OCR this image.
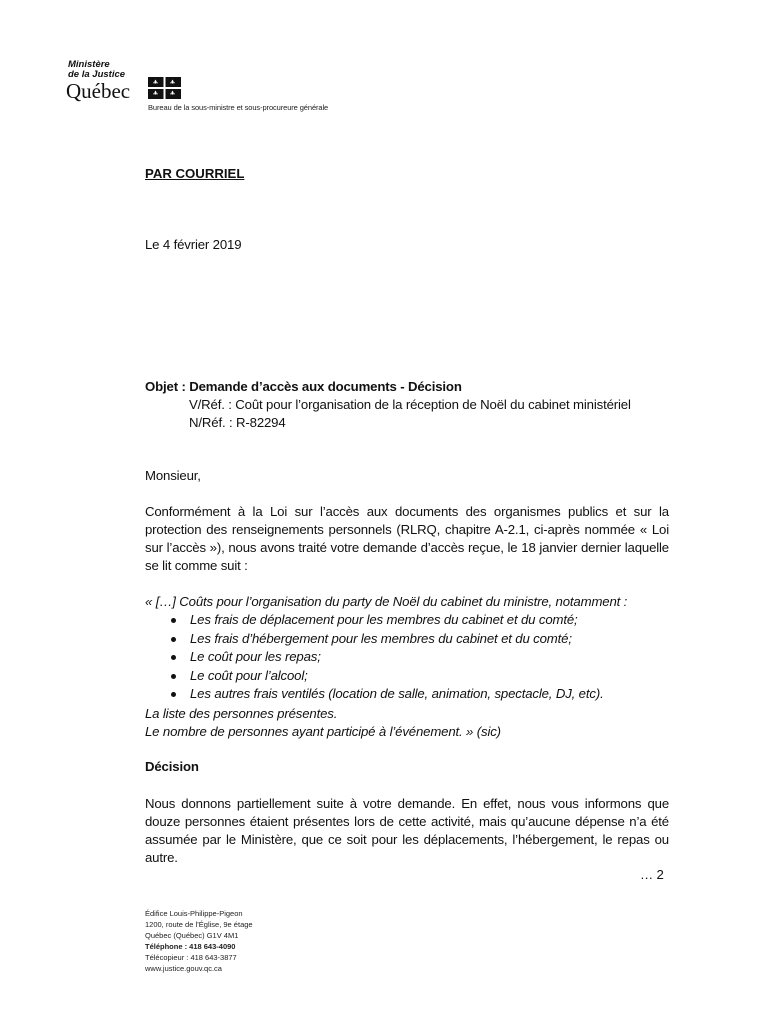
Ministère
de la Justice
Québec
Bureau de la sous-ministre et sous-procureure générale
PAR COURRIEL
Le 4 février 2019
Objet : Demande d’accès aux documents - Décision
V/Réf. : Coût pour l’organisation de la réception de Noël du cabinet ministériel
N/Réf. : R-82294
Monsieur,
Conformément à la Loi sur l’accès aux documents des organismes publics et sur la protection des renseignements personnels (RLRQ, chapitre A-2.1, ci-après nommée « Loi sur l’accès »), nous avons traité votre demande d’accès reçue, le 18 janvier dernier laquelle se lit comme suit :
« […] Coûts pour l’organisation du party de Noël du cabinet du ministre, notamment :
Les frais de déplacement pour les membres du cabinet et du comté;
Les frais d’hébergement pour les membres du cabinet et du comté;
Le coût pour les repas;
Le coût pour l’alcool;
Les autres frais ventilés (location de salle, animation, spectacle, DJ, etc).
La liste des personnes présentes.
Le nombre de personnes ayant participé à l’événement. » (sic)
Décision
Nous donnons partiellement suite à votre demande. En effet, nous vous informons que douze personnes étaient présentes lors de cette activité, mais qu’aucune dépense n’a été assumée par le Ministère, que ce soit pour les déplacements, l’hébergement, le repas ou autre.
… 2
Édifice Louis-Philippe-Pigeon
1200, route de l’Église, 9e étage
Québec (Québec) G1V 4M1
Téléphone : 418 643-4090
Télécopieur : 418 643-3877
www.justice.gouv.qc.ca
